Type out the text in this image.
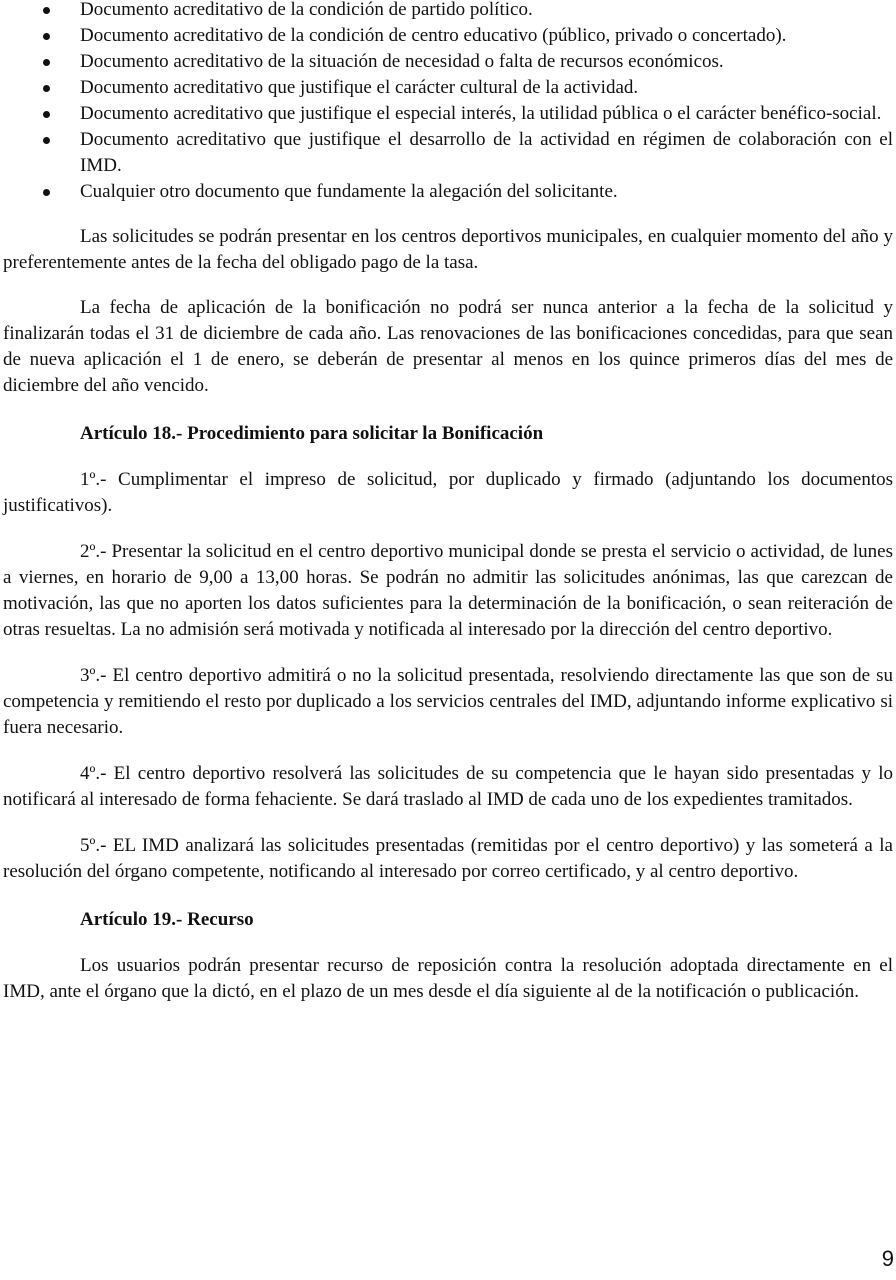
Documento acreditativo de la condición de partido político.
Documento acreditativo de la condición de centro educativo (público, privado o concertado).
Documento acreditativo de la situación de necesidad o falta de recursos económicos.
Documento acreditativo que justifique el carácter cultural de la actividad.
Documento acreditativo que justifique el especial interés, la utilidad pública o el carácter benéfico-social.
Documento acreditativo que justifique el desarrollo de la actividad en régimen de colaboración con el IMD.
Cualquier otro documento que fundamente la alegación del solicitante.

Las solicitudes se podrán presentar en los centros deportivos municipales, en cualquier momento del año y preferentemente antes de la fecha del obligado pago de la tasa.

La fecha de aplicación de la bonificación no podrá ser nunca anterior a la fecha de la solicitud y finalizarán todas el 31 de diciembre de cada año. Las renovaciones de las bonificaciones concedidas, para que sean de nueva aplicación el 1 de enero, se deberán de presentar al menos en los quince primeros días del mes de diciembre del año vencido.

Artículo 18.- Procedimiento para solicitar la Bonificación

1º.- Cumplimentar el impreso de solicitud, por duplicado y firmado (adjuntando los documentos justificativos).

2º.- Presentar la solicitud en el centro deportivo municipal donde se presta el servicio o actividad, de lunes a viernes, en horario de 9,00 a 13,00 horas. Se podrán no admitir las solicitudes anónimas, las que carezcan de motivación, las que no aporten los datos suficientes para la determinación de la bonificación, o sean reiteración de otras resueltas. La no admisión será motivada y notificada al interesado por la dirección del centro deportivo.

3º.- El centro deportivo admitirá o no la solicitud presentada, resolviendo directamente las que son de su competencia y remitiendo el resto por duplicado a los servicios centrales del IMD, adjuntando informe explicativo si fuera necesario.

4º.- El centro deportivo resolverá las solicitudes de su competencia que le hayan sido presentadas y lo notificará al interesado de forma fehaciente. Se dará traslado al IMD de cada uno de los expedientes tramitados.

5º.- EL IMD analizará las solicitudes presentadas (remitidas por el centro deportivo) y las someterá a la resolución del órgano competente, notificando al interesado por correo certificado, y al centro deportivo.

Artículo 19.- Recurso

Los usuarios podrán presentar recurso de reposición contra la resolución adoptada directamente en el IMD, ante el órgano que la dictó, en el plazo de un mes desde el día siguiente al de la notificación o publicación.

9
